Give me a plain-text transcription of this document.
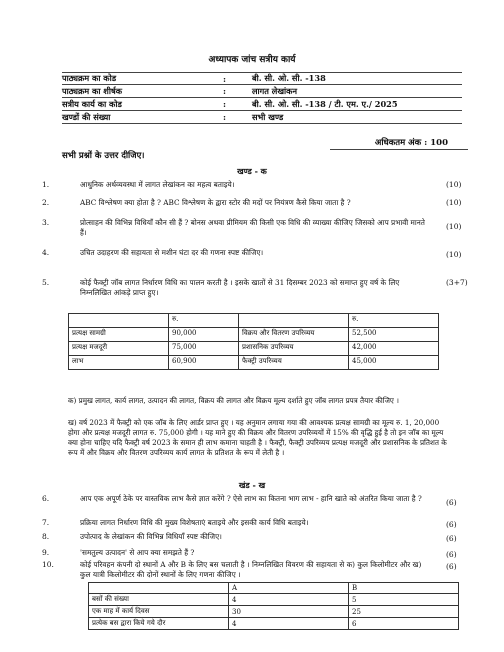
अध्यापक जांच सत्रीय कार्य
पाठ्यक्रम का कोड	:	बी. सी. ओ. सी. -138
पाठ्यक्रम का शीर्षक	:	लागत लेखांकन
सत्रीय कार्य का कोड	:	बी. सी. ओ. सी. -138 / टी. एम. ए./ 2025
खण्डों की संख्या	:	सभी खण्ड
अधिकतम अंक : 100
सभी प्रश्नों के उत्तर दीजिए।
खण्ड - क
1.	आधुनिक अर्थव्यवस्था में लागत लेखांकन का महत्व बताइये।	(10)
2.	ABC विश्लेषण क्या होता है ? ABC विश्लेषण के द्वारा स्टोर की मदों पर नियंत्रण कैसे किया जाता है ?	(10)
3.	प्रोत्साहन की विभिन्न विधियाँ कौन सी हैं ? बोनस अथवा प्रीमियम की किसी एक विधि की व्याख्या कीजिए जिसको आप प्रभावी मानते हैं।
(10)
4.	उचित उदाहरण की सहायता से मशीन घंटा दर की गणना स्पष्ट कीजिए।	(10)
5.	कोई फैक्ट्री जॉब लागत निर्धारण विधि का पालन करती है । इसके खातों से 31 दिसम्बर 2023 को समाप्त हुए वर्ष के लिए निम्नलिखित आंकड़े प्राप्त हुए।
(3+7)
	रु.		रु.
प्रत्यक्ष सामग्री	90,000	विक्रय और वितरण उपरिव्यय	52,500
प्रत्यक्ष मजदूरी	75,000	प्रशासनिक उपरिव्यय	42,000
लाभ	60,900	फैक्ट्री उपरिव्यय	45,000
क) प्रमुख लागत, कार्य लागत, उत्पादन की लागत, विक्रय की लागत और विक्रय मूल्य दर्शाते हुए जॉब लागत प्रपत्र तैयार कीजिए ।
ख) वर्ष 2023 में फैक्ट्री को एक जॉब के लिए आर्डर प्राप्त हुए । यह अनुमान लगाया गया की आवश्यक प्रत्यक्ष सामग्री का मूल्य रु. 1, 20,000 होगा और प्रत्यक्ष मजदूरी लागत रु. 75,000 होगी । यह माने हुए की विक्रय और वितरण उपरिव्ययों में 15% की वृद्धि हुई है तो इन जॉब का मूल्य क्या होना चाहिए यदि फैक्ट्री वर्ष 2023 के समान ही लाभ कमाना चाहती है । फैक्ट्री, फैक्ट्री उपरिव्यय प्रत्यक्ष मजदूरी और प्रशासनिक के प्रतिशत के रूप में और विक्रय और वितरण उपरिव्यय कार्य लागत के प्रतिशत के रूप में लेती है ।
खंड - ख
6.	आप एक अपूर्ण ठेके पर वास्तविक लाभ कैसे ज्ञात करेंगे ? ऐसे लाभ का कितना भाग लाभ - हानि खाते को अंतरित किया जाता है ?	(6)
7.	प्रक्रिया लागत निर्धारण विधि की मुख्य विशेषताएं बताइये और इसकी कार्य विधि बताइये।	(6)
8.	उपोत्पाद के लेखांकन की विभिन्न विधियाँ स्पष्ट कीजिए।	(6)
9.	'समतुल्य उत्पादन' से आप क्या समझते हैं ?	(6)
10.	कोई परिवहन कंपनी दो स्थानों A और B के लिए बस चलाती है । निम्नलिखित विवरण की सहायता से क) कुल किलोमीटर और ख) कुल यात्री किलोमीटर की दोनों स्थानों के लिए गणना कीजिए ।
(6)
	A	B
बसों की संख्या	4	5
एक माह में कार्य दिवस	30	25
प्रत्येक बस द्वारा किये गये दौर	4	6
